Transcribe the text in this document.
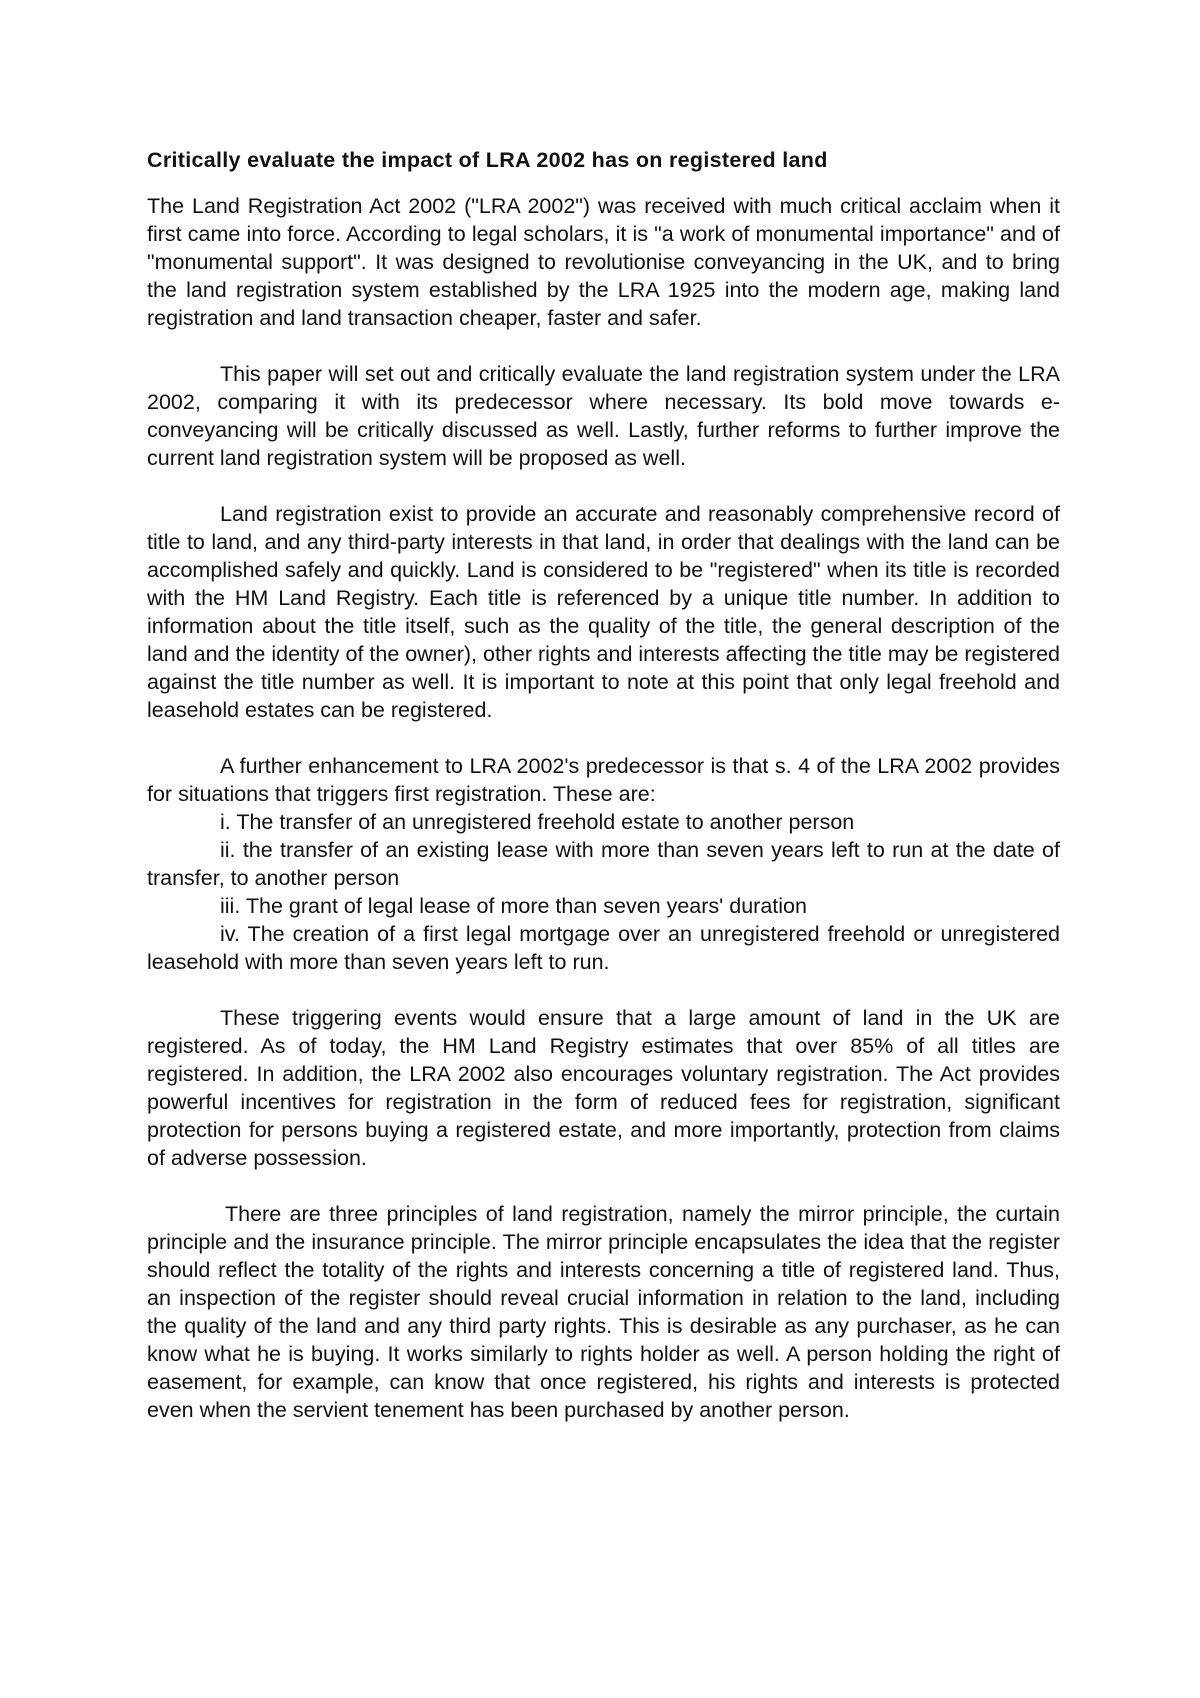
Critically evaluate the impact of LRA 2002 has on registered land

The Land Registration Act 2002 ("LRA 2002") was received with much critical acclaim when it first came into force. According to legal scholars, it is "a work of monumental importance" and of "monumental support". It was designed to revolutionise conveyancing in the UK, and to bring the land registration system established by the LRA 1925 into the modern age, making land registration and land transaction cheaper, faster and safer.

This paper will set out and critically evaluate the land registration system under the LRA 2002, comparing it with its predecessor where necessary. Its bold move towards e-conveyancing will be critically discussed as well. Lastly, further reforms to further improve the current land registration system will be proposed as well.

Land registration exist to provide an accurate and reasonably comprehensive record of title to land, and any third-party interests in that land, in order that dealings with the land can be accomplished safely and quickly. Land is considered to be "registered" when its title is recorded with the HM Land Registry. Each title is referenced by a unique title number. In addition to information about the title itself, such as the quality of the title, the general description of the land and the identity of the owner), other rights and interests affecting the title may be registered against the title number as well. It is important to note at this point that only legal freehold and leasehold estates can be registered.

A further enhancement to LRA 2002's predecessor is that s. 4 of the LRA 2002 provides for situations that triggers first registration. These are:

i. The transfer of an unregistered freehold estate to another person

ii. the transfer of an existing lease with more than seven years left to run at the date of transfer, to another person

iii. The grant of legal lease of more than seven years' duration

iv. The creation of a first legal mortgage over an unregistered freehold or unregistered leasehold with more than seven years left to run.

These triggering events would ensure that a large amount of land in the UK are registered. As of today, the HM Land Registry estimates that over 85% of all titles are registered. In addition, the LRA 2002 also encourages voluntary registration. The Act provides powerful incentives for registration in the form of reduced fees for registration, significant protection for persons buying a registered estate, and more importantly, protection from claims of adverse possession.

There are three principles of land registration, namely the mirror principle, the curtain principle and the insurance principle. The mirror principle encapsulates the idea that the register should reflect the totality of the rights and interests concerning a title of registered land. Thus, an inspection of the register should reveal crucial information in relation to the land, including the quality of the land and any third party rights. This is desirable as any purchaser, as he can know what he is buying. It works similarly to rights holder as well. A person holding the right of easement, for example, can know that once registered, his rights and interests is protected even when the servient tenement has been purchased by another person.
